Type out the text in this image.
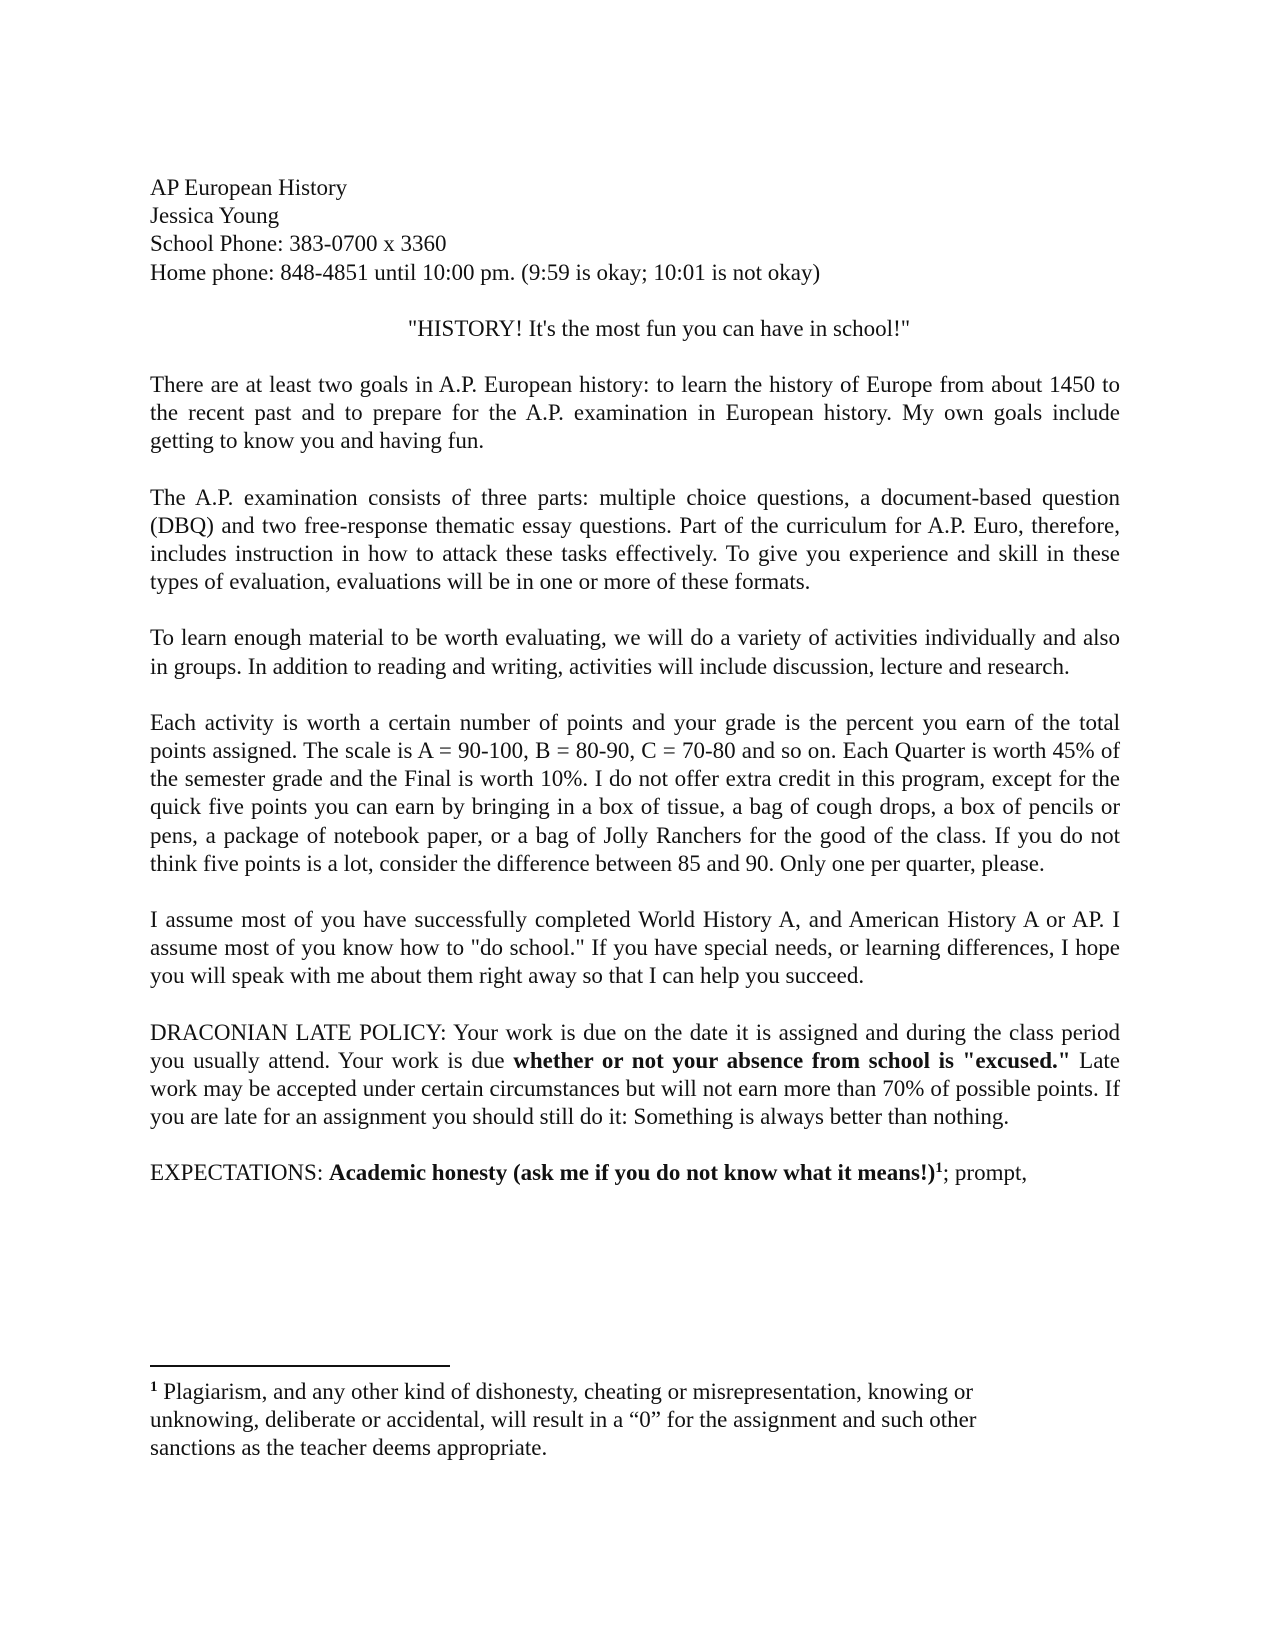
AP European History
Jessica Young
School Phone: 383-0700 x 3360
Home phone: 848-4851 until 10:00 pm. (9:59 is okay; 10:01 is not okay)
"HISTORY! It's the most fun you can have in school!"

There are at least two goals in A.P. European history: to learn the history of Europe from about 1450 to the recent past and to prepare for the A.P. examination in European history. My own goals include getting to know you and having fun.

The A.P. examination consists of three parts: multiple choice questions, a document-based question (DBQ) and two free-response thematic essay questions. Part of the curriculum for A.P. Euro, therefore, includes instruction in how to attack these tasks effectively. To give you experience and skill in these types of evaluation, evaluations will be in one or more of these formats.

To learn enough material to be worth evaluating, we will do a variety of activities individually and also in groups. In addition to reading and writing, activities will include discussion, lecture and research.

Each activity is worth a certain number of points and your grade is the percent you earn of the total points assigned. The scale is A = 90-100, B = 80-90, C = 70-80 and so on. Each Quarter is worth 45% of the semester grade and the Final is worth 10%. I do not offer extra credit in this program, except for the quick five points you can earn by bringing in a box of tissue, a bag of cough drops, a box of pencils or pens, a package of notebook paper, or a bag of Jolly Ranchers for the good of the class. If you do not think five points is a lot, consider the difference between 85 and 90. Only one per quarter, please.

I assume most of you have successfully completed World History A, and American History A or AP. I assume most of you know how to "do school." If you have special needs, or learning differences, I hope you will speak with me about them right away so that I can help you succeed.

DRACONIAN LATE POLICY: Your work is due on the date it is assigned and during the class period you usually attend. Your work is due whether or not your absence from school is "excused." Late work may be accepted under certain circumstances but will not earn more than 70% of possible points. If you are late for an assignment you should still do it: Something is always better than nothing.

EXPECTATIONS: Academic honesty (ask me if you do not know what it means!)$^1$; prompt,

$^1$ Plagiarism, and any other kind of dishonesty, cheating or misrepresentation, knowing or unknowing, deliberate or accidental, will result in a “0” for the assignment and such other sanctions as the teacher deems appropriate.
